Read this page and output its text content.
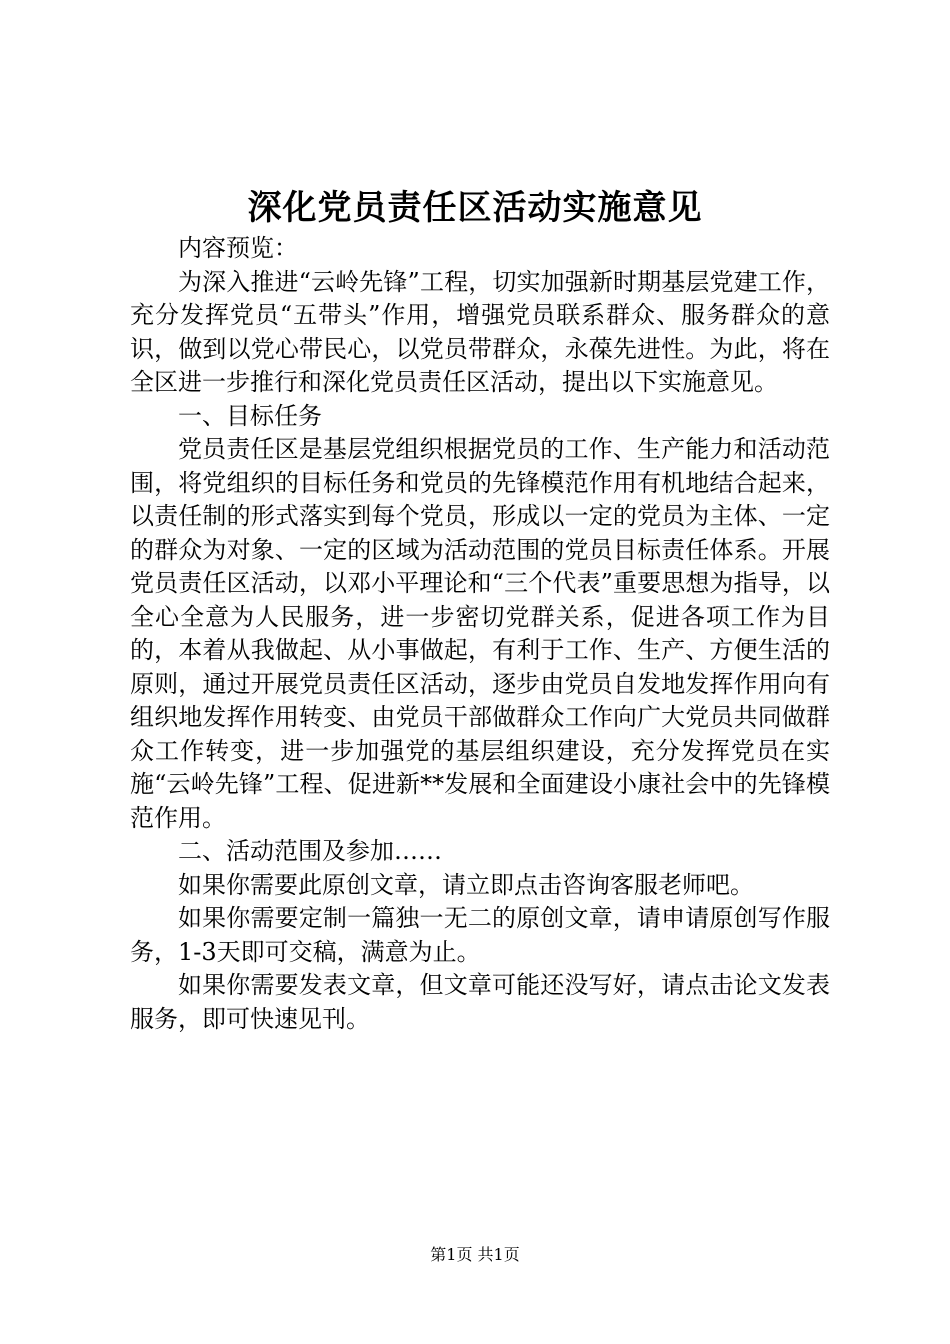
深化党员责任区活动实施意见

内容预览：

为深入推进“云岭先锋”工程，切实加强新时期基层党建工作，充分发挥党员“五带头”作用，增强党员联系群众、服务群众的意识，做到以党心带民心，以党员带群众，永葆先进性。为此，将在全区进一步推行和深化党员责任区活动，提出以下实施意见。

一、目标任务

党员责任区是基层党组织根据党员的工作、生产能力和活动范围，将党组织的目标任务和党员的先锋模范作用有机地结合起来，以责任制的形式落实到每个党员，形成以一定的党员为主体、一定的群众为对象、一定的区域为活动范围的党员目标责任体系。开展党员责任区活动，以邓小平理论和“三个代表”重要思想为指导，以全心全意为人民服务，进一步密切党群关系，促进各项工作为目的，本着从我做起、从小事做起，有利于工作、生产、方便生活的原则，通过开展党员责任区活动，逐步由党员自发地发挥作用向有组织地发挥作用转变、由党员干部做群众工作向广大党员共同做群众工作转变，进一步加强党的基层组织建设，充分发挥党员在实施“云岭先锋”工程、促进新**发展和全面建设小康社会中的先锋模范作用。

二、活动范围及参加……

如果你需要此原创文章，请立即点击咨询客服老师吧。

如果你需要定制一篇独一无二的原创文章，请申请原创写作服务，1-3天即可交稿，满意为止。

如果你需要发表文章，但文章可能还没写好，请点击论文发表服务，即可快速见刊。

第1页 共1页
